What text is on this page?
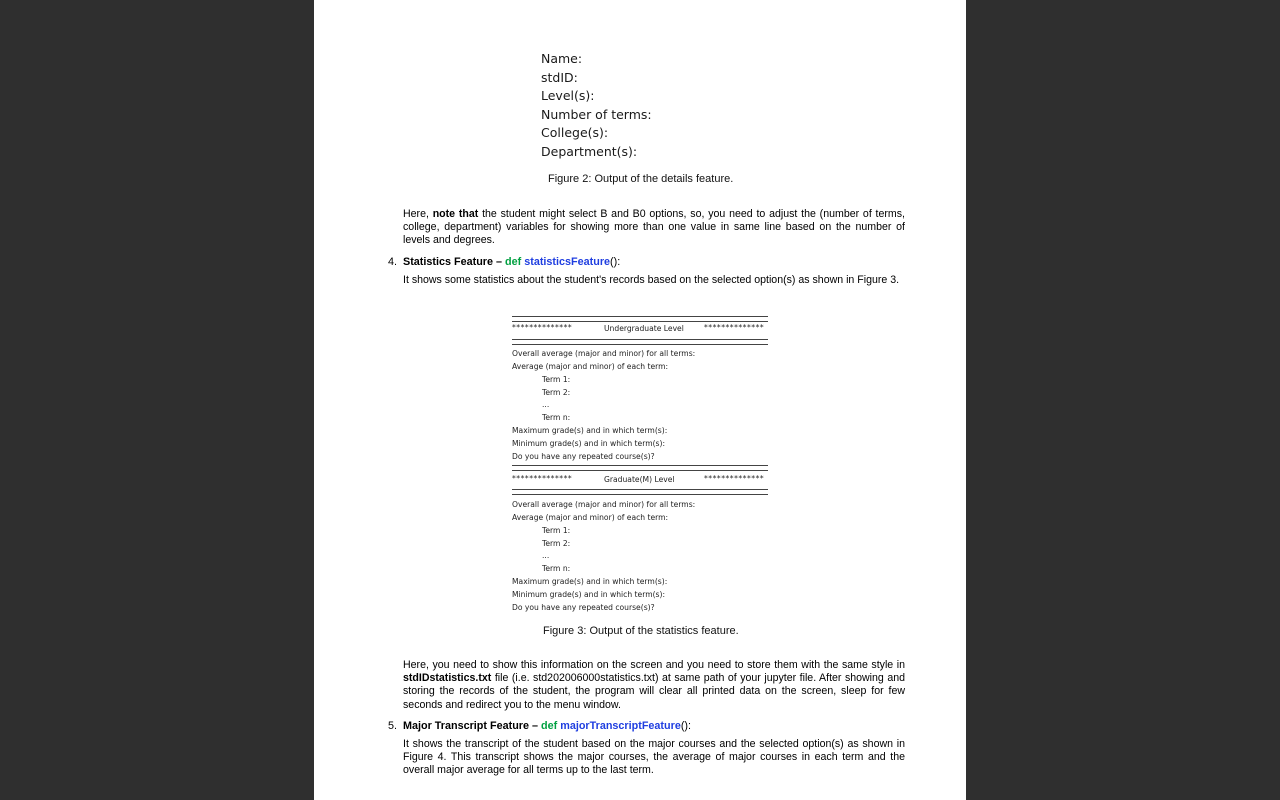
Name:
stdID:
Level(s):
Number of terms:
College(s):
Department(s):
Figure 2: Output of the details feature.
Here, note that the student might select B and B0 options, so, you need to adjust the (number of terms, college, department) variables for showing more than one value in same line based on the number of levels and degrees.
4. Statistics Feature – def statisticsFeature():
It shows some statistics about the student's records based on the selected option(s) as shown in Figure 3.
**************	Undergraduate Level	**************
Overall average (major and minor) for all terms:
Average (major and minor) of each term:
Term 1:
Term 2:
...
Term n:
Maximum grade(s) and in which term(s):
Minimum grade(s) and in which term(s):
Do you have any repeated course(s)?
**************	Graduate(M) Level	**************
Overall average (major and minor) for all terms:
Average (major and minor) of each term:
Term 1:
Term 2:
...
Term n:
Maximum grade(s) and in which term(s):
Minimum grade(s) and in which term(s):
Do you have any repeated course(s)?
Figure 3: Output of the statistics feature.
Here, you need to show this information on the screen and you need to store them with the same style in stdIDstatistics.txt file (i.e. std202006000statistics.txt) at same path of your jupyter file. After showing and storing the records of the student, the program will clear all printed data on the screen, sleep for few seconds and redirect you to the menu window.
5. Major Transcript Feature – def majorTranscriptFeature():
It shows the transcript of the student based on the major courses and the selected option(s) as shown in Figure 4. This transcript shows the major courses, the average of major courses in each term and the overall major average for all terms up to the last term.
